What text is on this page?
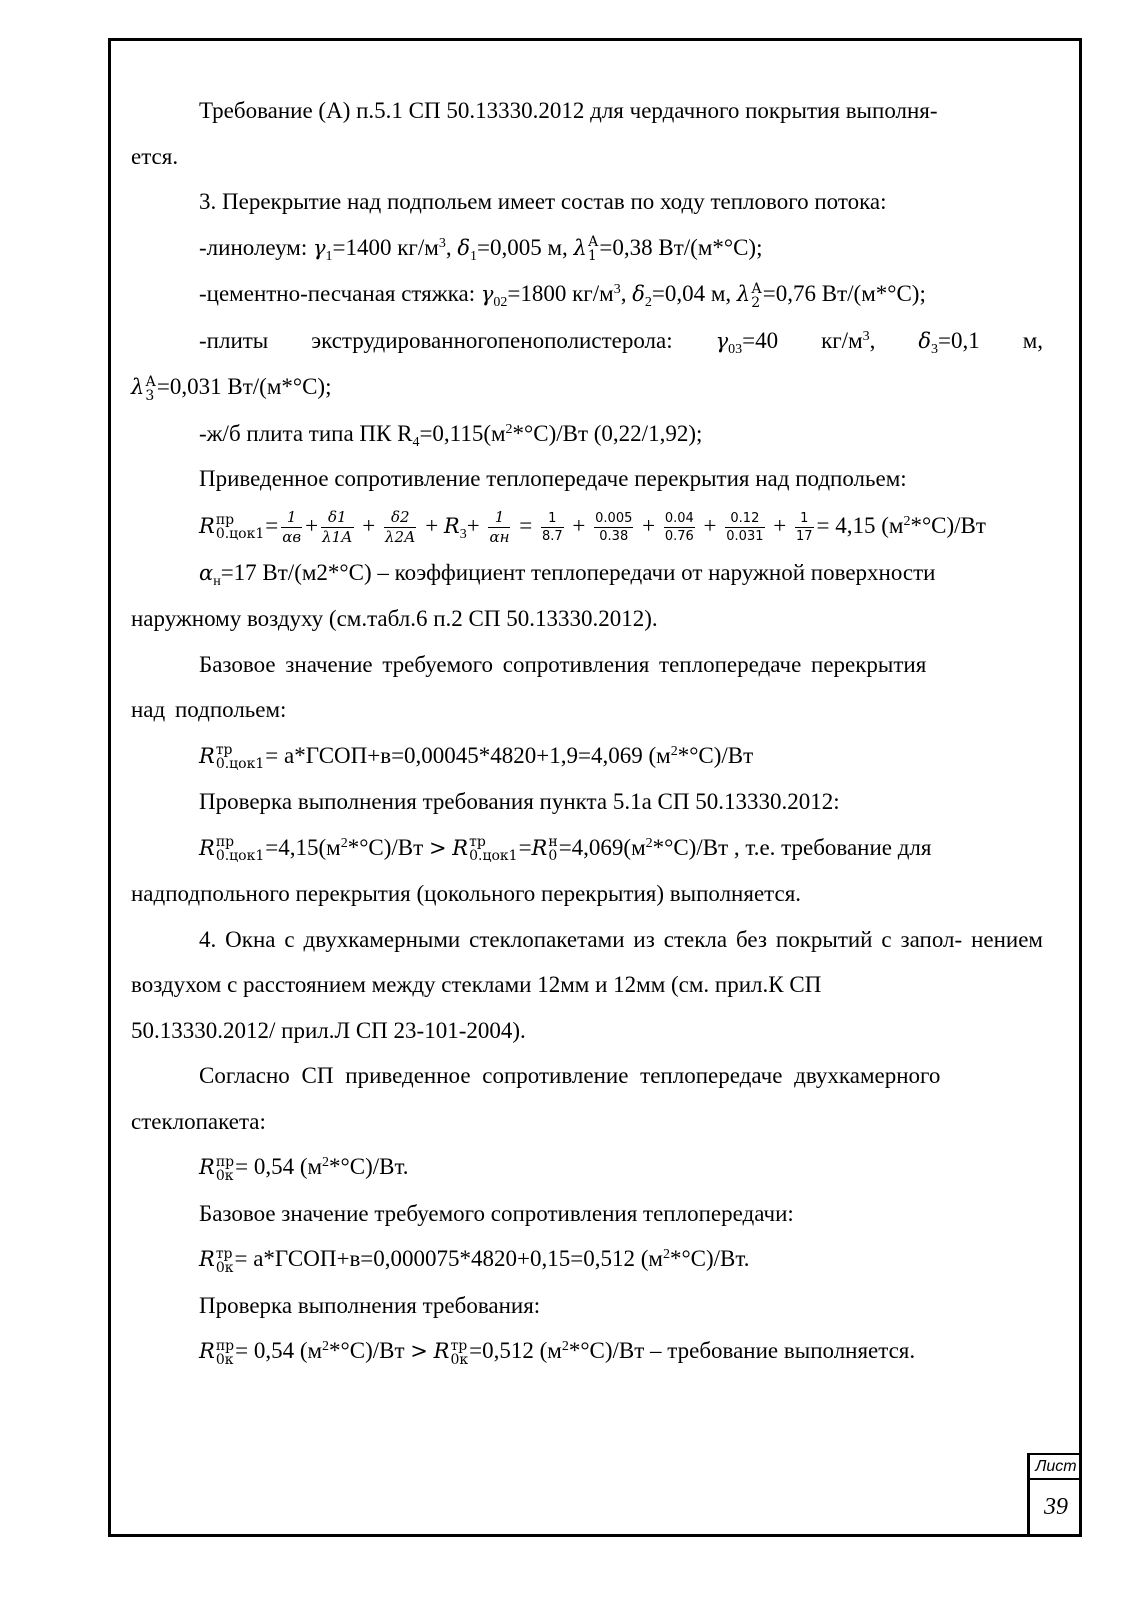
Требование (А) п.5.1 СП 50.13330.2012 для чердачного покрытия выполня-
ется.

3. Перекрытие над подпольем имеет состав по ходу теплового потока:

-линолеум: $\gamma_1=1400$ $кг/м^3$, $\delta_1=0,005$ м, λ А
1 =0,38 Вт/(м*°С);

-цементно-песчаная стяжка: $\gamma_{02}=1800$ $кг/м^3$, $\delta_2=0,04$ м, λ А
2 =0,76 Вт/(м*°С);

-плиты экструдированногопенополистерола: $\gamma_{03}=40$ $кг/м^3$, $\delta_3=0,1$ м,

λ А
3 =0,031 Вт/(м*°С);

-ж/б плита типа ПК $R_4=0,115(м^2*^\circ С)/Вт$ (0,22/1,92);

Приведенное сопротивление теплопередаче перекрытия над подпольем:

R пр
$0.цок1 = \frac{1}{\alpha в} + \frac{\delta 1}{\lambda 1А} + \frac{\delta 2}{\lambda 2А} + R_3+ \frac{1}{\alpha н} = \frac{1}{8.7} + \frac{0.005}{0.38} + \frac{0.04}{0.76} + \frac{0.12}{0.031} + \frac{1}{17} = 4,15$ $(м^2*^\circ С)/Вт$

$\alpha_н=17$ Вт/(м2*°С) – коэффициент теплопередачи от наружной поверхности

наружному воздуху (см.табл.6 п.2 СП 50.13330.2012).

Базовое значение требуемого сопротивления теплопередаче перекрытия
над подпольем:

R тр
0.цок1 = а*ГСОП+в=0,00045*4820+1,9=4,069 $(м^2*^\circ С)/Вт$

Проверка выполнения требования пункта 5.1а СП 50.13330.2012:

R пр
$0.цок1 =4,15(м^2*^\circ С)/Вт > R$ тр
0.цок1 =R н
$0 =4,069(м^2*^\circ С)/Вт$ , т.е. требование для

надподпольного перекрытия (цокольного перекрытия) выполняется.

4. Окна с двухкамерными стеклопакетами из стекла без покрытий с запол- нением воздухом с расстоянием между стеклами 12мм и 12мм (см. прил.К СП
50.13330.2012/ прил.Л СП 23-101-2004).

Согласно СП приведенное сопротивление теплопередаче двухкамерного
стеклопакета:

R пр
0к = 0,54 $(м^2*^\circ С)/Вт$.

Базовое значение требуемого сопротивления теплопередачи:

R тр
0к = а*ГСОП+в=0,000075*4820+0,15=0,512 $(м^2*^\circ С)/Вт$.

Проверка выполнения требования:

R пр
0к = 0,54 $(м^2*^\circ С)/Вт > R$ тр
0к =0,512 $(м^2*^\circ С)/Вт$ – требование выполняется.

Лист
39
